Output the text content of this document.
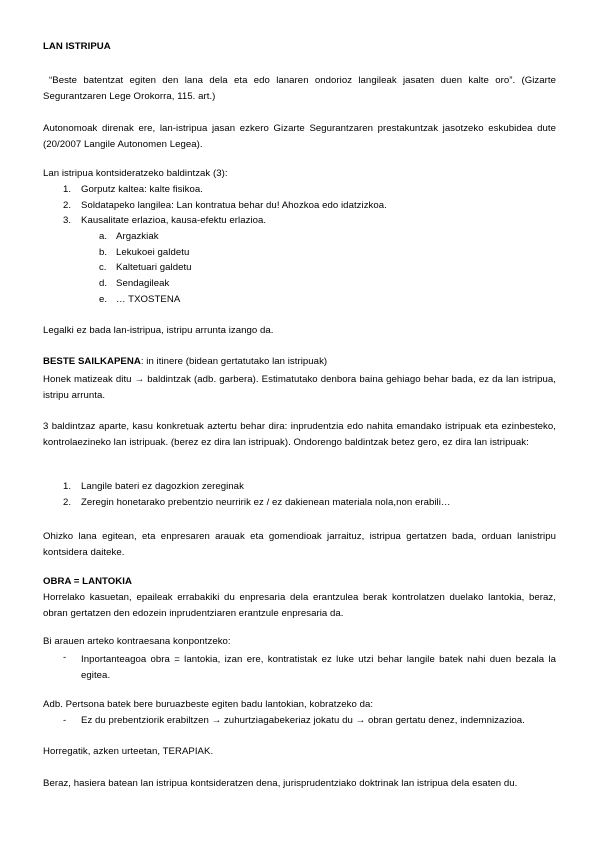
LAN ISTRIPUA
“Beste batentzat egiten den lana dela eta edo lanaren ondorioz langileak jasaten duen kalte oro”. (Gizarte Segurantzaren Lege Orokorra, 115. art.)
Autonomoak direnak ere, lan-istripua jasan ezkero Gizarte Segurantzaren prestakuntzak jasotzeko eskubidea dute (20/2007 Langile Autonomen Legea).
Lan istripua kontsideratzeko baldintzak (3):
1. Gorputz kaltea: kalte fisikoa.
2. Soldatapeko langilea: Lan kontratua behar du! Ahozkoa edo idatzizkoa.
3. Kausalitate erlazioa, kausa-efektu erlazioa.
a. Argazkiak
b. Lekukoei galdetu
c. Kaltetuari galdetu
d. Sendagileak
e. … TXOSTENA
Legalki ez bada lan-istripua, istripu arrunta izango da.
BESTE SAILKAPENA: in itinere (bidean gertatutako lan istripuak)
Honek matizeak ditu → baldintzak (adb. garbera). Estimatutako denbora baina gehiago behar bada, ez da lan istripua, istripu arrunta.
3 baldintzaz aparte, kasu konkretuak aztertu behar dira: inprudentzia edo nahita emandako istripuak eta ezinbesteko, kontrolaezineko lan istripuak. (berez ez dira lan istripuak). Ondorengo baldintzak betez gero, ez dira lan istripuak:
1. Langile bateri ez dagozkion zereginak
2. Zeregin honetarako prebentzio neurririk ez / ez dakienean materiala nola,non erabili…
Ohizko lana egitean, eta enpresaren arauak eta gomendioak jarraituz, istripua gertatzen bada, orduan lanistripu kontsidera daiteke.
OBRA = LANTOKIA
Horrelako kasuetan, epaileak errabakiki du enpresaria dela erantzulea berak kontrolatzen duelako lantokia, beraz, obran gertatzen den edozein inprudentziaren erantzule enpresaria da.
Bi arauen arteko kontraesana konpontzeko:
- Inportanteagoa obra = lantokia, izan ere, kontratistak ez luke utzi behar langile batek nahi duen bezala la egitea.
Adb. Pertsona batek bere buruazbeste egiten badu lantokian, kobratzeko da:
- Ez du prebentziorik erabiltzen → zuhurtziagabekeriaz jokatu du → obran gertatu denez, indemnizazioa.
Horregatik, azken urteetan, TERAPIAK.
Beraz, hasiera batean lan istripua kontsideratzen dena, jurisprudentziako doktrinak lan istripua dela esaten du.
